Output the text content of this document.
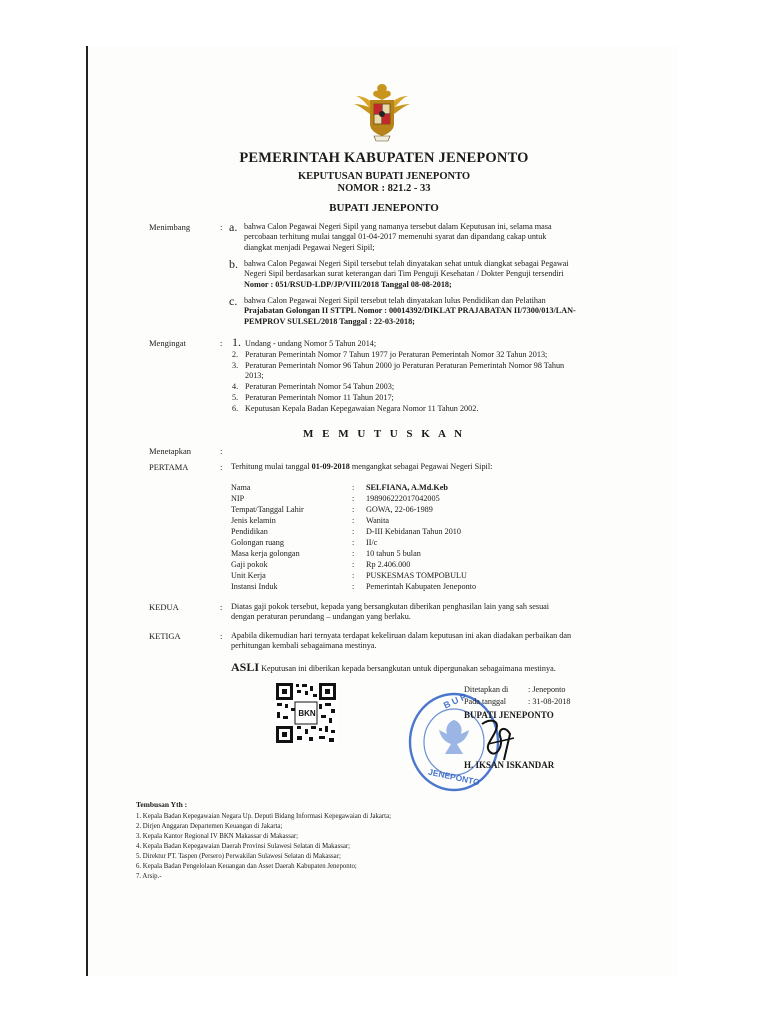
PEMERINTAH KABUPATEN JENEPONTO
KEPUTUSAN BUPATI JENEPONTO
NOMOR : 821.2 - 33
BUPATI JENEPONTO
Menimbang	: a. bahwa Calon Pegawai Negeri Sipil yang namanya tersebut dalam Keputusan ini, selama masa
percobaan terhitung mulai tanggal 01-04-2017 memenuhi syarat dan dipandang cakap untuk
diangkat menjadi Pegawai Negeri Sipil;
b. bahwa Calon Pegawai Negeri Sipil tersebut telah dinyatakan sehat untuk diangkat sebagai Pegawai
Negeri Sipil berdasarkan surat keterangan dari Tim Penguji Kesehatan / Dokter Penguji tersendiri
Nomor : 051/RSUD-LDP/JP/VIII/2018 Tanggal 08-08-2018;
c. bahwa Calon Pegawai Negeri Sipil tersebut telah dinyatakan lulus Pendidikan dan Pelatihan
Prajabatan Golongan II STTPL Nomor : 00014392/DIKLAT PRAJABATAN II/7300/013/LAN-
PEMPROV SULSEL/2018 Tanggal : 22-03-2018;
Mengingat	: 1. Undang - undang Nomor 5 Tahun 2014;
2. Peraturan Pemerintah Nomor 7 Tahun 1977 jo Peraturan Pemerintah Nomor 32 Tahun 2013;
3. Peraturan Pemerintah Nomor 96 Tahun 2000 jo Peraturan Peraturan Pemerintah Nomor 98 Tahun
2013;
4. Peraturan Pemerintah Nomor 54 Tahun 2003;
5. Peraturan Pemerintah Nomor 11 Tahun 2017;
6. Keputusan Kepala Badan Kepegawaian Negara Nomor 11 Tahun 2002.
M E M U T U S K A N
Menetapkan	:
PERTAMA	: Terhitung mulai tanggal 01-09-2018 mengangkat sebagai Pegawai Negeri Sipil:
Nama	: SELFIANA, A.Md.Keb
NIP	: 198906222017042005
Tempat/Tanggal Lahir	: GOWA, 22-06-1989
Jenis kelamin	: Wanita
Pendidikan	: D-III Kebidanan Tahun 2010
Golongan ruang	: II/c
Masa kerja golongan	: 10 tahun 5 bulan
Gaji pokok	: Rp 2.406.000
Unit Kerja	: PUSKESMAS TOMPOBULU
Instansi Induk	: Pemerintah Kabupaten Jeneponto
KEDUA	: Diatas gaji pokok tersebut, kepada yang bersangkutan diberikan penghasilan lain yang sah sesuai
dengan peraturan perundang – undangan yang berlaku.
KETIGA	: Apabila dikemudian hari ternyata terdapat kekeliruan dalam keputusan ini akan diadakan perbaikan dan
perhitungan kembali sebagaimana mestinya.
ASLI Keputusan ini diberikan kepada bersangkutan untuk dipergunakan sebagaimana mestinya.
BKN
B U P
JENEPONTO
Ditetapkan di : Jeneponto
Pada tanggal	: 31-08-2018
BUPATI JENEPONTO
H. IKSAN ISKANDAR
Tembusan Yth :
1. Kepala Badan Kepegawaian Negara Up. Deputi Bidang Informasi Kepegawaian di Jakarta;
2. Dirjen Anggaran Departemen Keuangan di Jakarta;
3. Kepala Kantor Regional IV BKN Makassar di Makassar;
4. Kepala Badan Kepegawaian Daerah Provinsi Sulawesi Selatan di Makassar;
5. Direktur PT. Taspen (Persero) Perwakilan Sulawesi Selatan di Makassar;
6. Kepala Badan Pengelolaan Keuangan dan Asset Daerah Kabupaten Jeneponto;
7. Arsip.-
